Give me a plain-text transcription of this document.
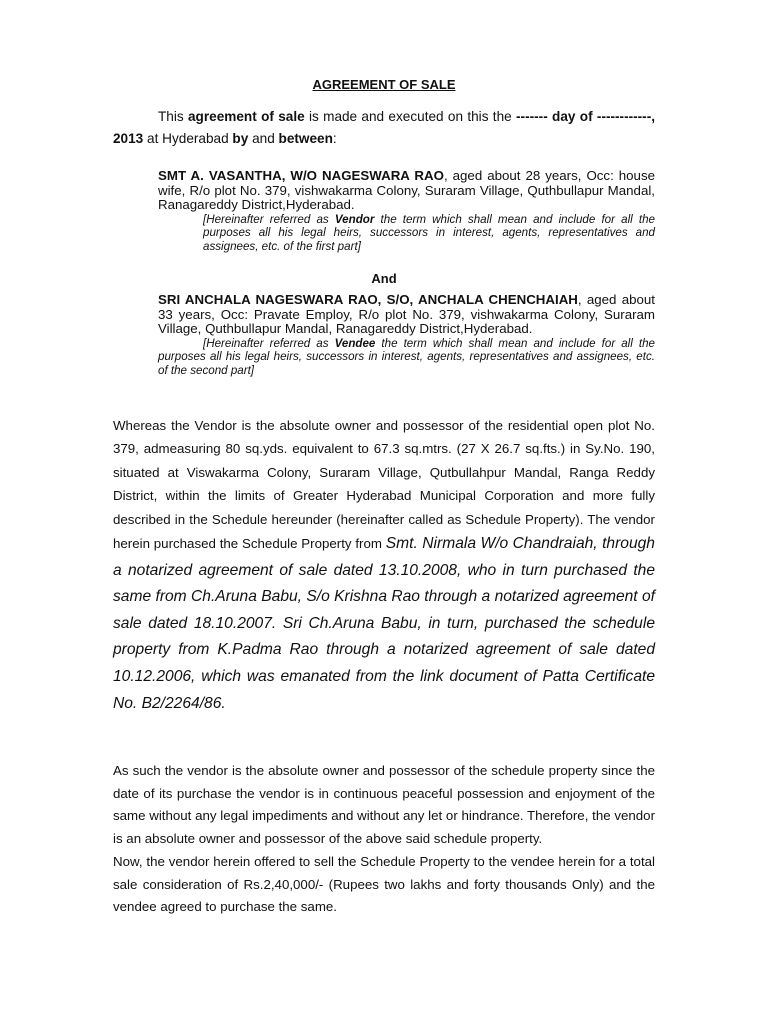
AGREEMENT OF SALE
This agreement of sale is made and executed on this the ------- day of ------------, 2013 at Hyderabad by and between:
SMT A. VASANTHA, W/O NAGESWARA RAO, aged about 28 years, Occ: house wife, R/o plot No. 379, vishwakarma Colony, Suraram Village, Quthbullapur Mandal, Ranagareddy District,Hyderabad.
[Hereinafter referred as Vendor the term which shall mean and include for all the purposes all his legal heirs, successors in interest, agents, representatives and assignees, etc. of the first part]
And
SRI ANCHALA NAGESWARA RAO, S/O, ANCHALA CHENCHAIAH, aged about 33 years, Occ: Pravate Employ, R/o plot No. 379, vishwakarma Colony, Suraram Village, Quthbullapur Mandal, Ranagareddy District,Hyderabad.
[Hereinafter referred as Vendee the term which shall mean and include for all the purposes all his legal heirs, successors in interest, agents, representatives and assignees, etc. of the second part]
Whereas the Vendor is the absolute owner and possessor of the residential open plot No. 379, admeasuring 80 sq.yds. equivalent to 67.3 sq.mtrs. (27 X 26.7 sq.fts.) in Sy.No. 190, situated at Viswakarma Colony, Suraram Village, Qutbullahpur Mandal, Ranga Reddy District, within the limits of Greater Hyderabad Municipal Corporation and more fully described in the Schedule hereunder (hereinafter called as Schedule Property). The vendor herein purchased the Schedule Property from Smt. Nirmala W/o Chandraiah, through a notarized agreement of sale dated 13.10.2008, who in turn purchased the same from Ch.Aruna Babu, S/o Krishna Rao through a notarized agreement of sale dated 18.10.2007. Sri Ch.Aruna Babu, in turn, purchased the schedule property from K.Padma Rao through a notarized agreement of sale dated 10.12.2006, which was emanated from the link document of Patta Certificate No. B2/2264/86.
As such the vendor is the absolute owner and possessor of the schedule property since the date of its purchase the vendor is in continuous peaceful possession and enjoyment of the same without any legal impediments and without any let or hindrance. Therefore, the vendor is an absolute owner and possessor of the above said schedule property.
Now, the vendor herein offered to sell the Schedule Property to the vendee herein for a total sale consideration of Rs.2,40,000/- (Rupees two lakhs and forty thousands Only) and the vendee agreed to purchase the same.
